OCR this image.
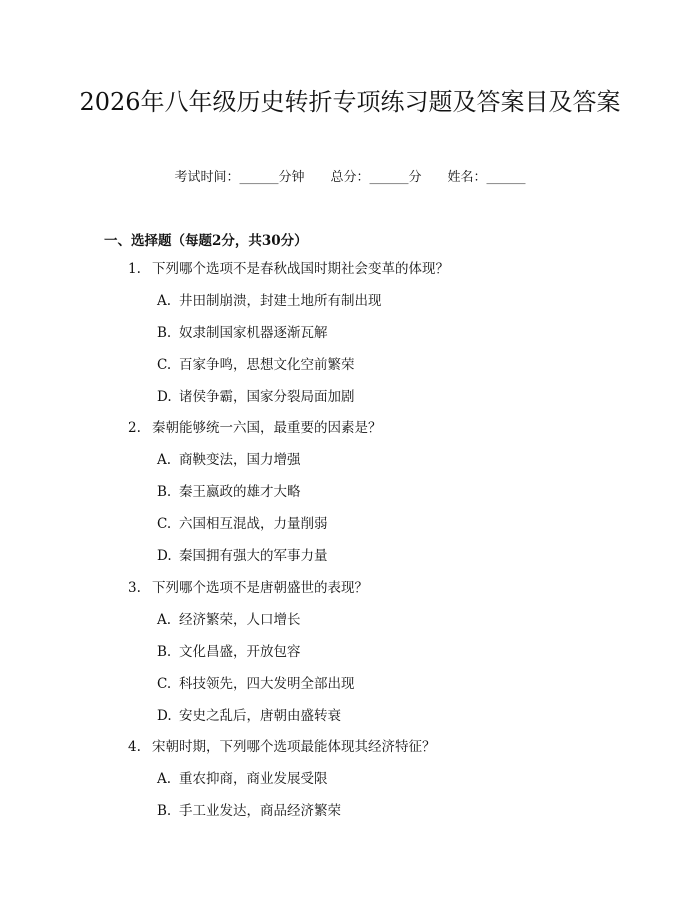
2026年八年级历史转折专项练习题及答案目及答案
考试时间：______分钟 总分：______分 姓名：______
一、选择题（每题2分，共30分）
1. 下列哪个选项不是春秋战国时期社会变革的体现？
A. 井田制崩溃，封建土地所有制出现
B. 奴隶制国家机器逐渐瓦解
C. 百家争鸣，思想文化空前繁荣
D. 诸侯争霸，国家分裂局面加剧
2. 秦朝能够统一六国，最重要的因素是？
A. 商鞅变法，国力增强
B. 秦王嬴政的雄才大略
C. 六国相互混战，力量削弱
D. 秦国拥有强大的军事力量
3. 下列哪个选项不是唐朝盛世的表现？
A. 经济繁荣，人口增长
B. 文化昌盛，开放包容
C. 科技领先，四大发明全部出现
D. 安史之乱后，唐朝由盛转衰
4. 宋朝时期，下列哪个选项最能体现其经济特征？
A. 重农抑商，商业发展受限
B. 手工业发达，商品经济繁荣
